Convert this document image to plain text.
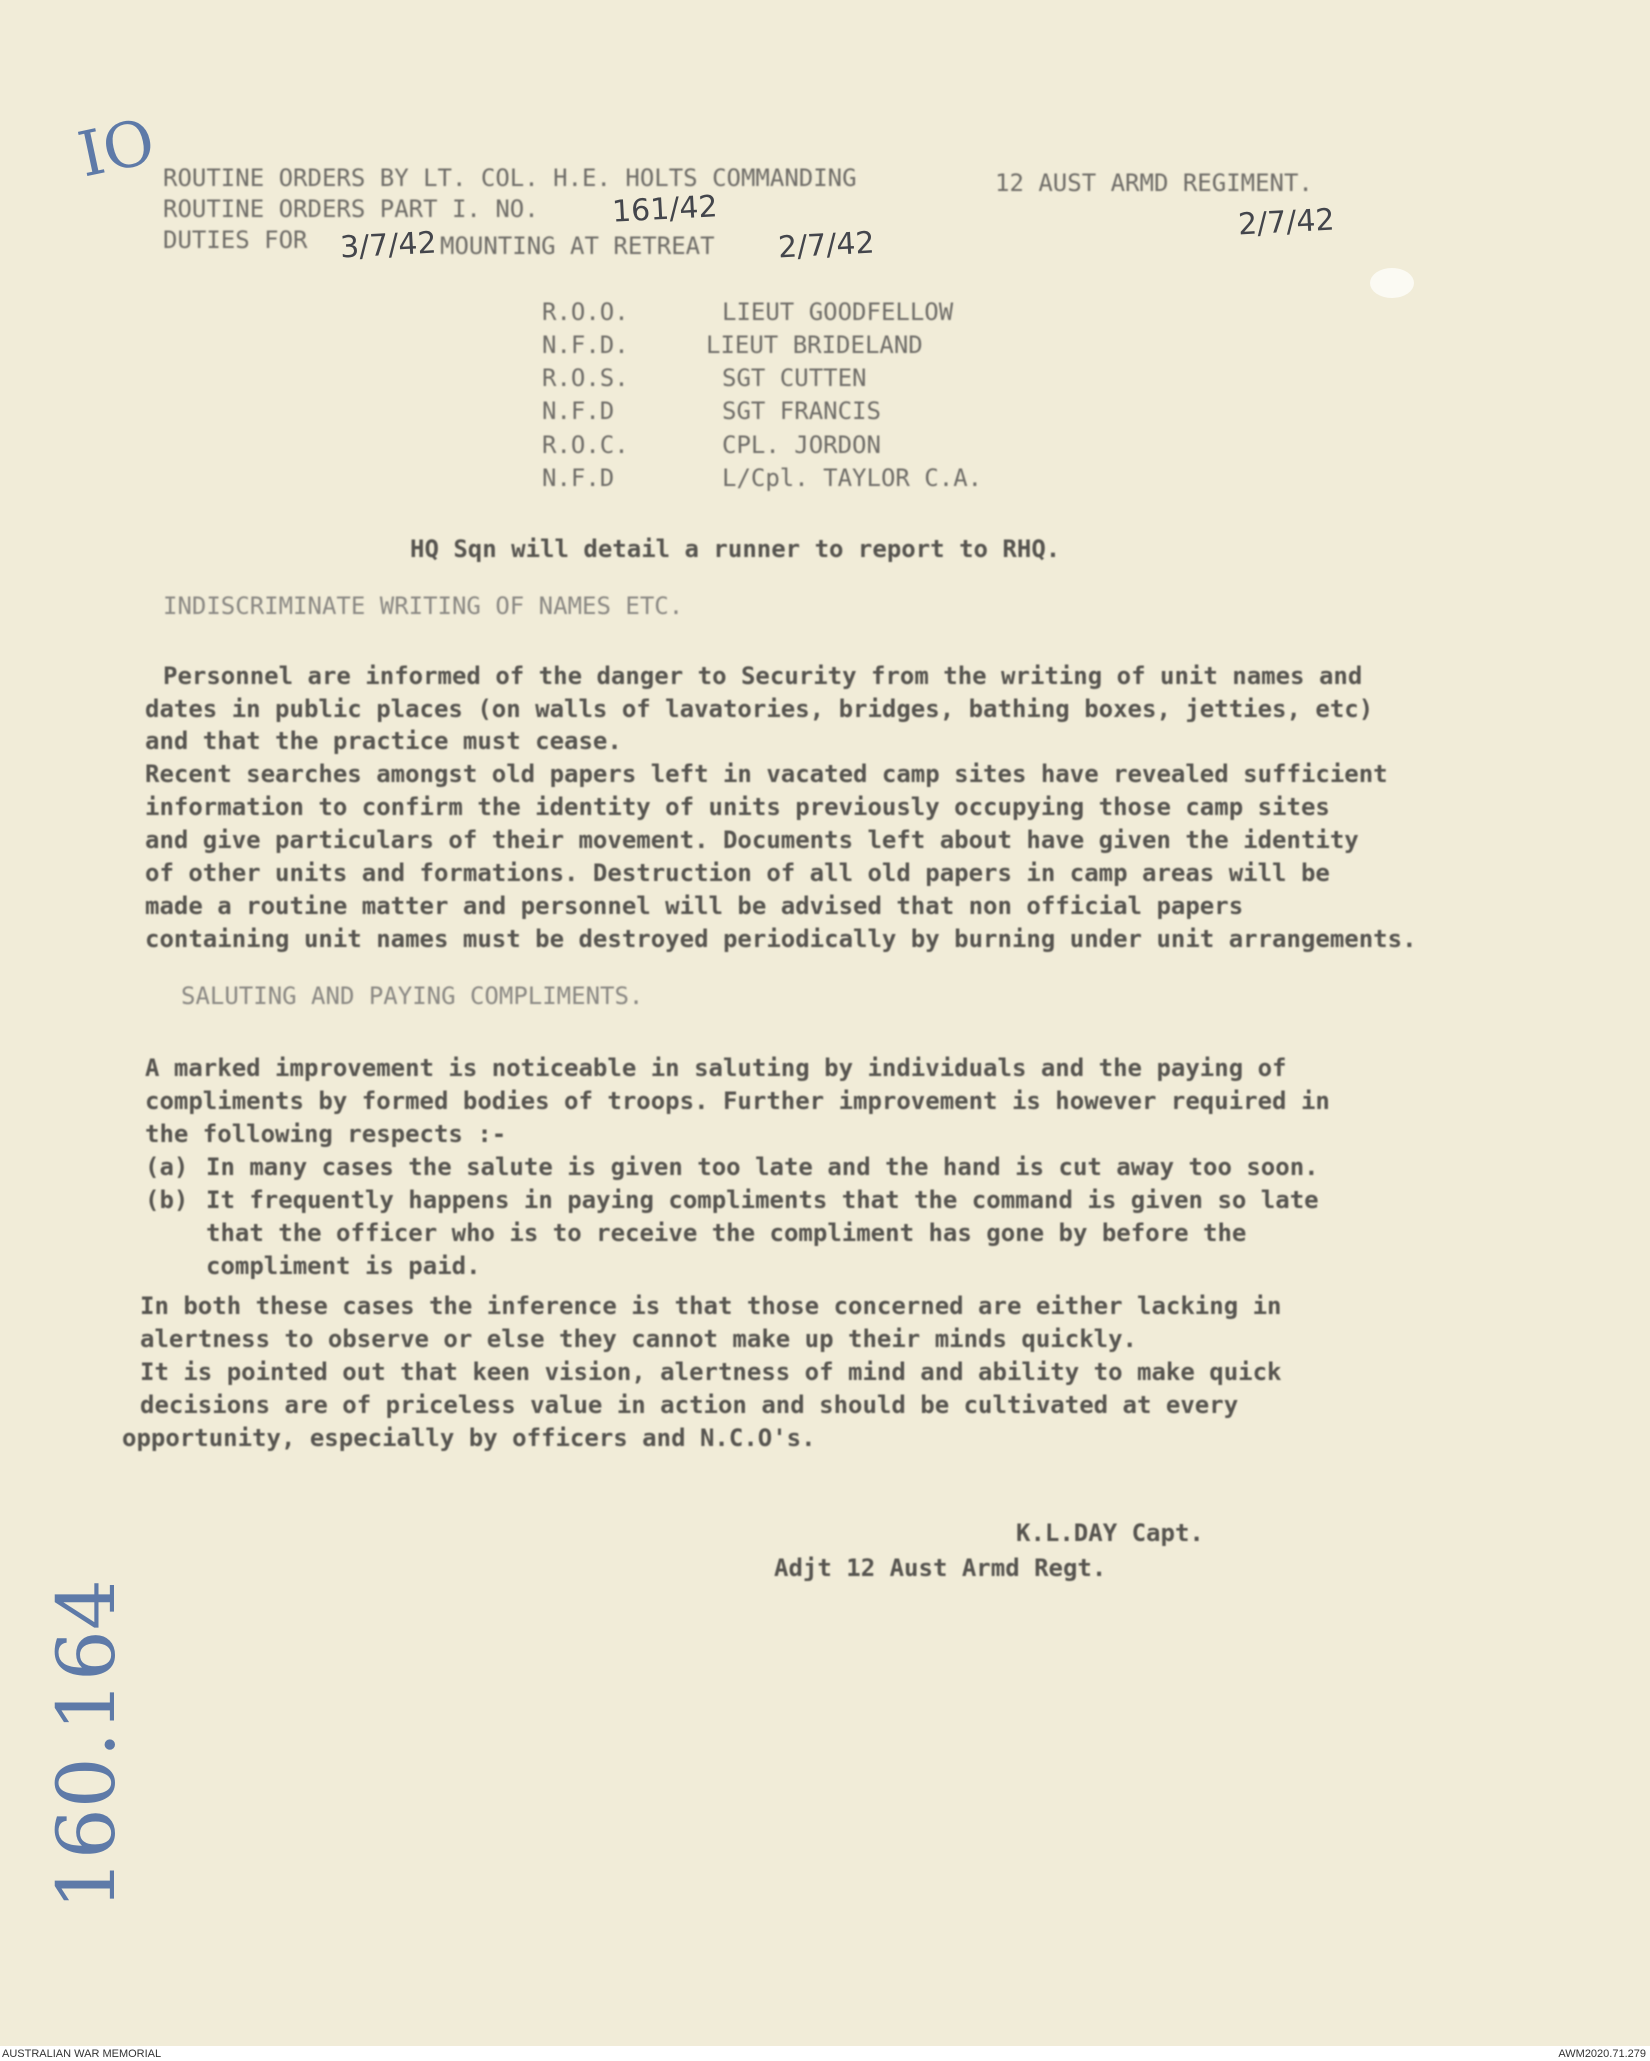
IO
160.164
ROUTINE ORDERS BY LT. COL. H.E. HOLTS COMMANDING	12 AUST ARMD REGIMENT.
ROUTINE ORDERS PART I. NO. 161/42	2/7/42
DUTIES FOR 3/7/42 MOUNTING AT RETREAT 2/7/42
R.O.O.	LIEUT GOODFELLOW
N.F.D.	LIEUT BRIDELAND
R.O.S.	SGT CUTTEN
N.F.D	SGT FRANCIS
R.O.C.	CPL. JORDON
N.F.D	L/Cpl. TAYLOR C.A.
HQ Sqn will detail a runner to report to RHQ.
INDISCRIMINATE WRITING OF NAMES ETC.
Personnel are informed of the danger to Security from the writing of unit names and
dates in public places (on walls of lavatories, bridges, bathing boxes, jetties, etc)
and that the practice must cease.
Recent searches amongst old papers left in vacated camp sites have revealed sufficient
information to confirm the identity of units previously occupying those camp sites
and give particulars of their movement. Documents left about have given the identity
of other units and formations. Destruction of all old papers in camp areas will be
made a routine matter and personnel will be advised that non official papers
containing unit names must be destroyed periodically by burning under unit arrangements.
SALUTING AND PAYING COMPLIMENTS.
A marked improvement is noticeable in saluting by individuals and the paying of
compliments by formed bodies of troops. Further improvement is however required in
the following respects :-
(a) In many cases the salute is given too late and the hand is cut away too soon.
(b) It frequently happens in paying compliments that the command is given so late
that the officer who is to receive the compliment has gone by before the
compliment is paid.
In both these cases the inference is that those concerned are either lacking in
alertness to observe or else they cannot make up their minds quickly.
It is pointed out that keen vision, alertness of mind and ability to make quick
decisions are of priceless value in action and should be cultivated at every
opportunity, especially by officers and N.C.O's.
K.L.DAY Capt.
Adjt 12 Aust Armd Regt.
AUSTRALIAN WAR MEMORIAL	AWM2020.71.279
